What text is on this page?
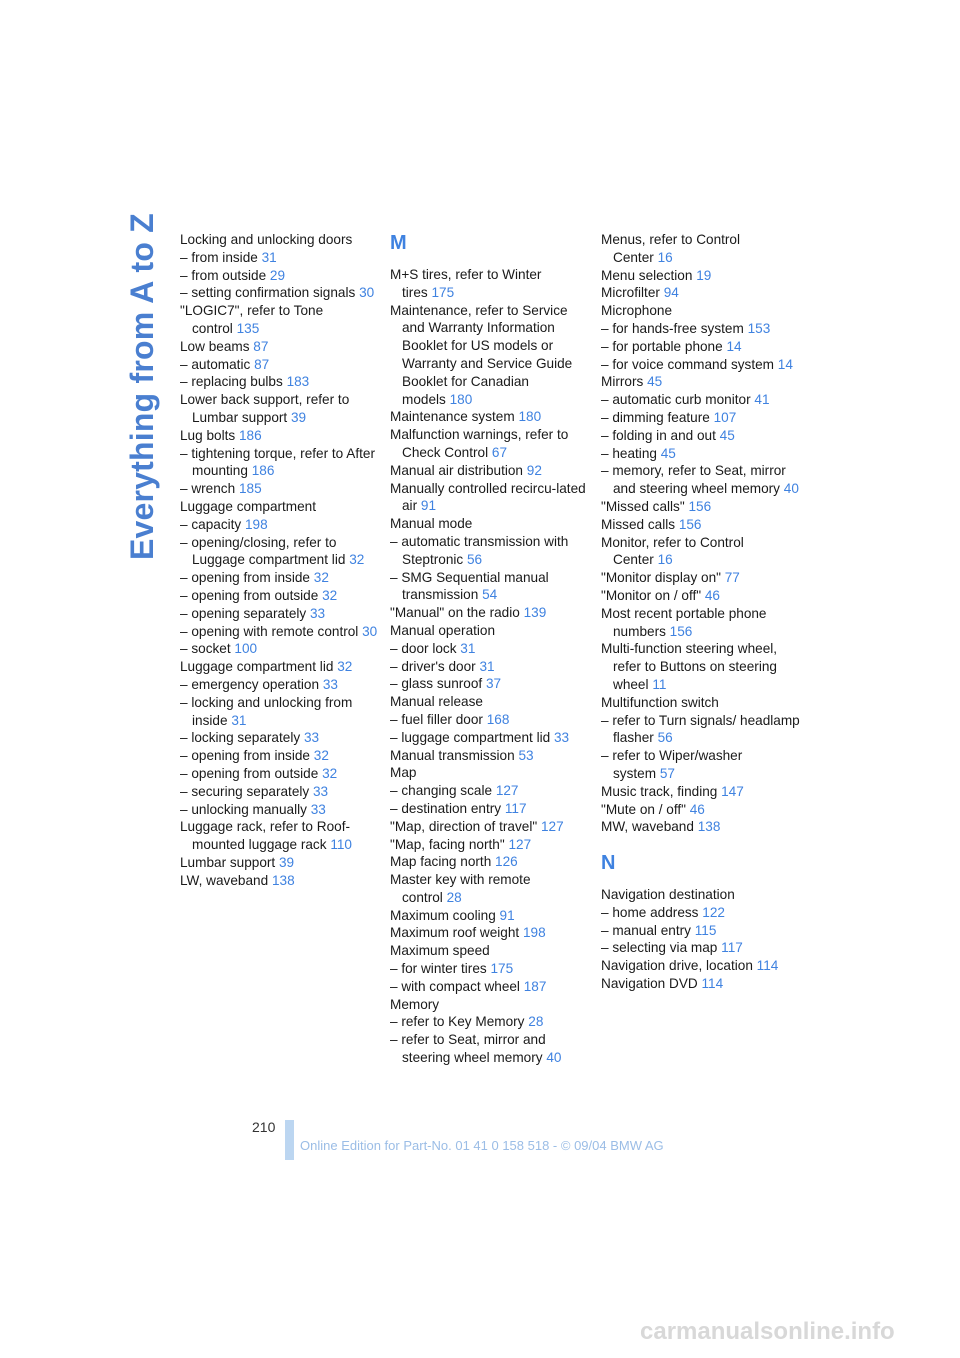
Everything from A to Z Locking and unlocking doors
– from inside 31
– from outside 29
– setting confirmation signals 30
"LOGIC7", refer to Tone control 135
Low beams 87
– automatic 87
– replacing bulbs 183
Lower back support, refer to Lumbar support 39
Lug bolts 186
– tightening torque, refer to After mounting 186
– wrench 185
Luggage compartment
– capacity 198
– opening/closing, refer to Luggage compartment lid 32
– opening from inside 32
– opening from outside 32
– opening separately 33
– opening with remote control 30
– socket 100
Luggage compartment lid 32
– emergency operation 33
– locking and unlocking from inside 31
– locking separately 33
– opening from inside 32
– opening from outside 32
– securing separately 33
– unlocking manually 33
Luggage rack, refer to Roof-mounted luggage rack 110
Lumbar support 39
LW, waveband 138
M
M+S tires, refer to Winter tires 175
Maintenance, refer to Service and Warranty Information Booklet for US models or Warranty and Service Guide Booklet for Canadian models 180
Maintenance system 180
Malfunction warnings, refer to Check Control 67
Manual air distribution 92
Manually controlled recircu-lated air 91
Manual mode
– automatic transmission with Steptronic 56
– SMG Sequential manual transmission 54
"Manual" on the radio 139
Manual operation
– door lock 31
– driver's door 31
– glass sunroof 37
Manual release
– fuel filler door 168
– luggage compartment lid 33
Manual transmission 53
Map
– changing scale 127
– destination entry 117
"Map, direction of travel" 127
"Map, facing north" 127
Map facing north 126
Master key with remote control 28
Maximum cooling 91
Maximum roof weight 198
Maximum speed
– for winter tires 175
– with compact wheel 187
Memory
– refer to Key Memory 28
– refer to Seat, mirror and steering wheel memory 40
Menus, refer to Control Center 16
Menu selection 19
Microfilter 94
Microphone
– for hands-free system 153
– for portable phone 14
– for voice command system 14
Mirrors 45
– automatic curb monitor 41
– dimming feature 107
– folding in and out 45
– heating 45
– memory, refer to Seat, mirror and steering wheel memory 40
"Missed calls" 156
Missed calls 156
Monitor, refer to Control Center 16
"Monitor display on" 77
"Monitor on / off" 46
Most recent portable phone numbers 156
Multi-function steering wheel, refer to Buttons on steering wheel 11
Multifunction switch
– refer to Turn signals/ headlamp flasher 56
– refer to Wiper/washer system 57
Music track, finding 147
"Mute on / off" 46
MW, waveband 138
N
Navigation destination
– home address 122
– manual entry 115
– selecting via map 117
Navigation drive, location 114
Navigation DVD 114
210
Online Edition for Part-No. 01 41 0 158 518 - © 09/04 BMW AG
carmanualsonline.info
